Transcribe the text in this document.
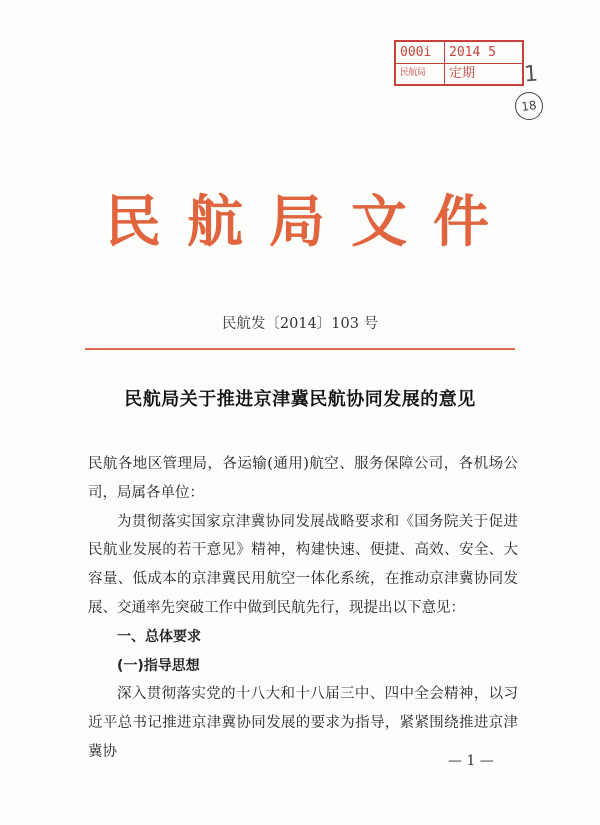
000i	2014 5
民航局	定期 1
18
民航局文件
民航发〔2014〕103 号
民航局关于推进京津冀民航协同发展的意见

民航各地区管理局，各运输(通用)航空、服务保障公司，各机场公司，局属各单位：

为贯彻落实国家京津冀协同发展战略要求和《国务院关于促进民航业发展的若干意见》精神，构建快速、便捷、高效、安全、大容量、低成本的京津冀民用航空一体化系统，在推动京津冀协同发展、交通率先突破工作中做到民航先行，现提出以下意见：

一、总体要求

(一)指导思想

深入贯彻落实党的十八大和十八届三中、四中全会精神，以习近平总书记推进京津冀协同发展的要求为指导，紧紧围绕推进京津冀协

— 1 —
